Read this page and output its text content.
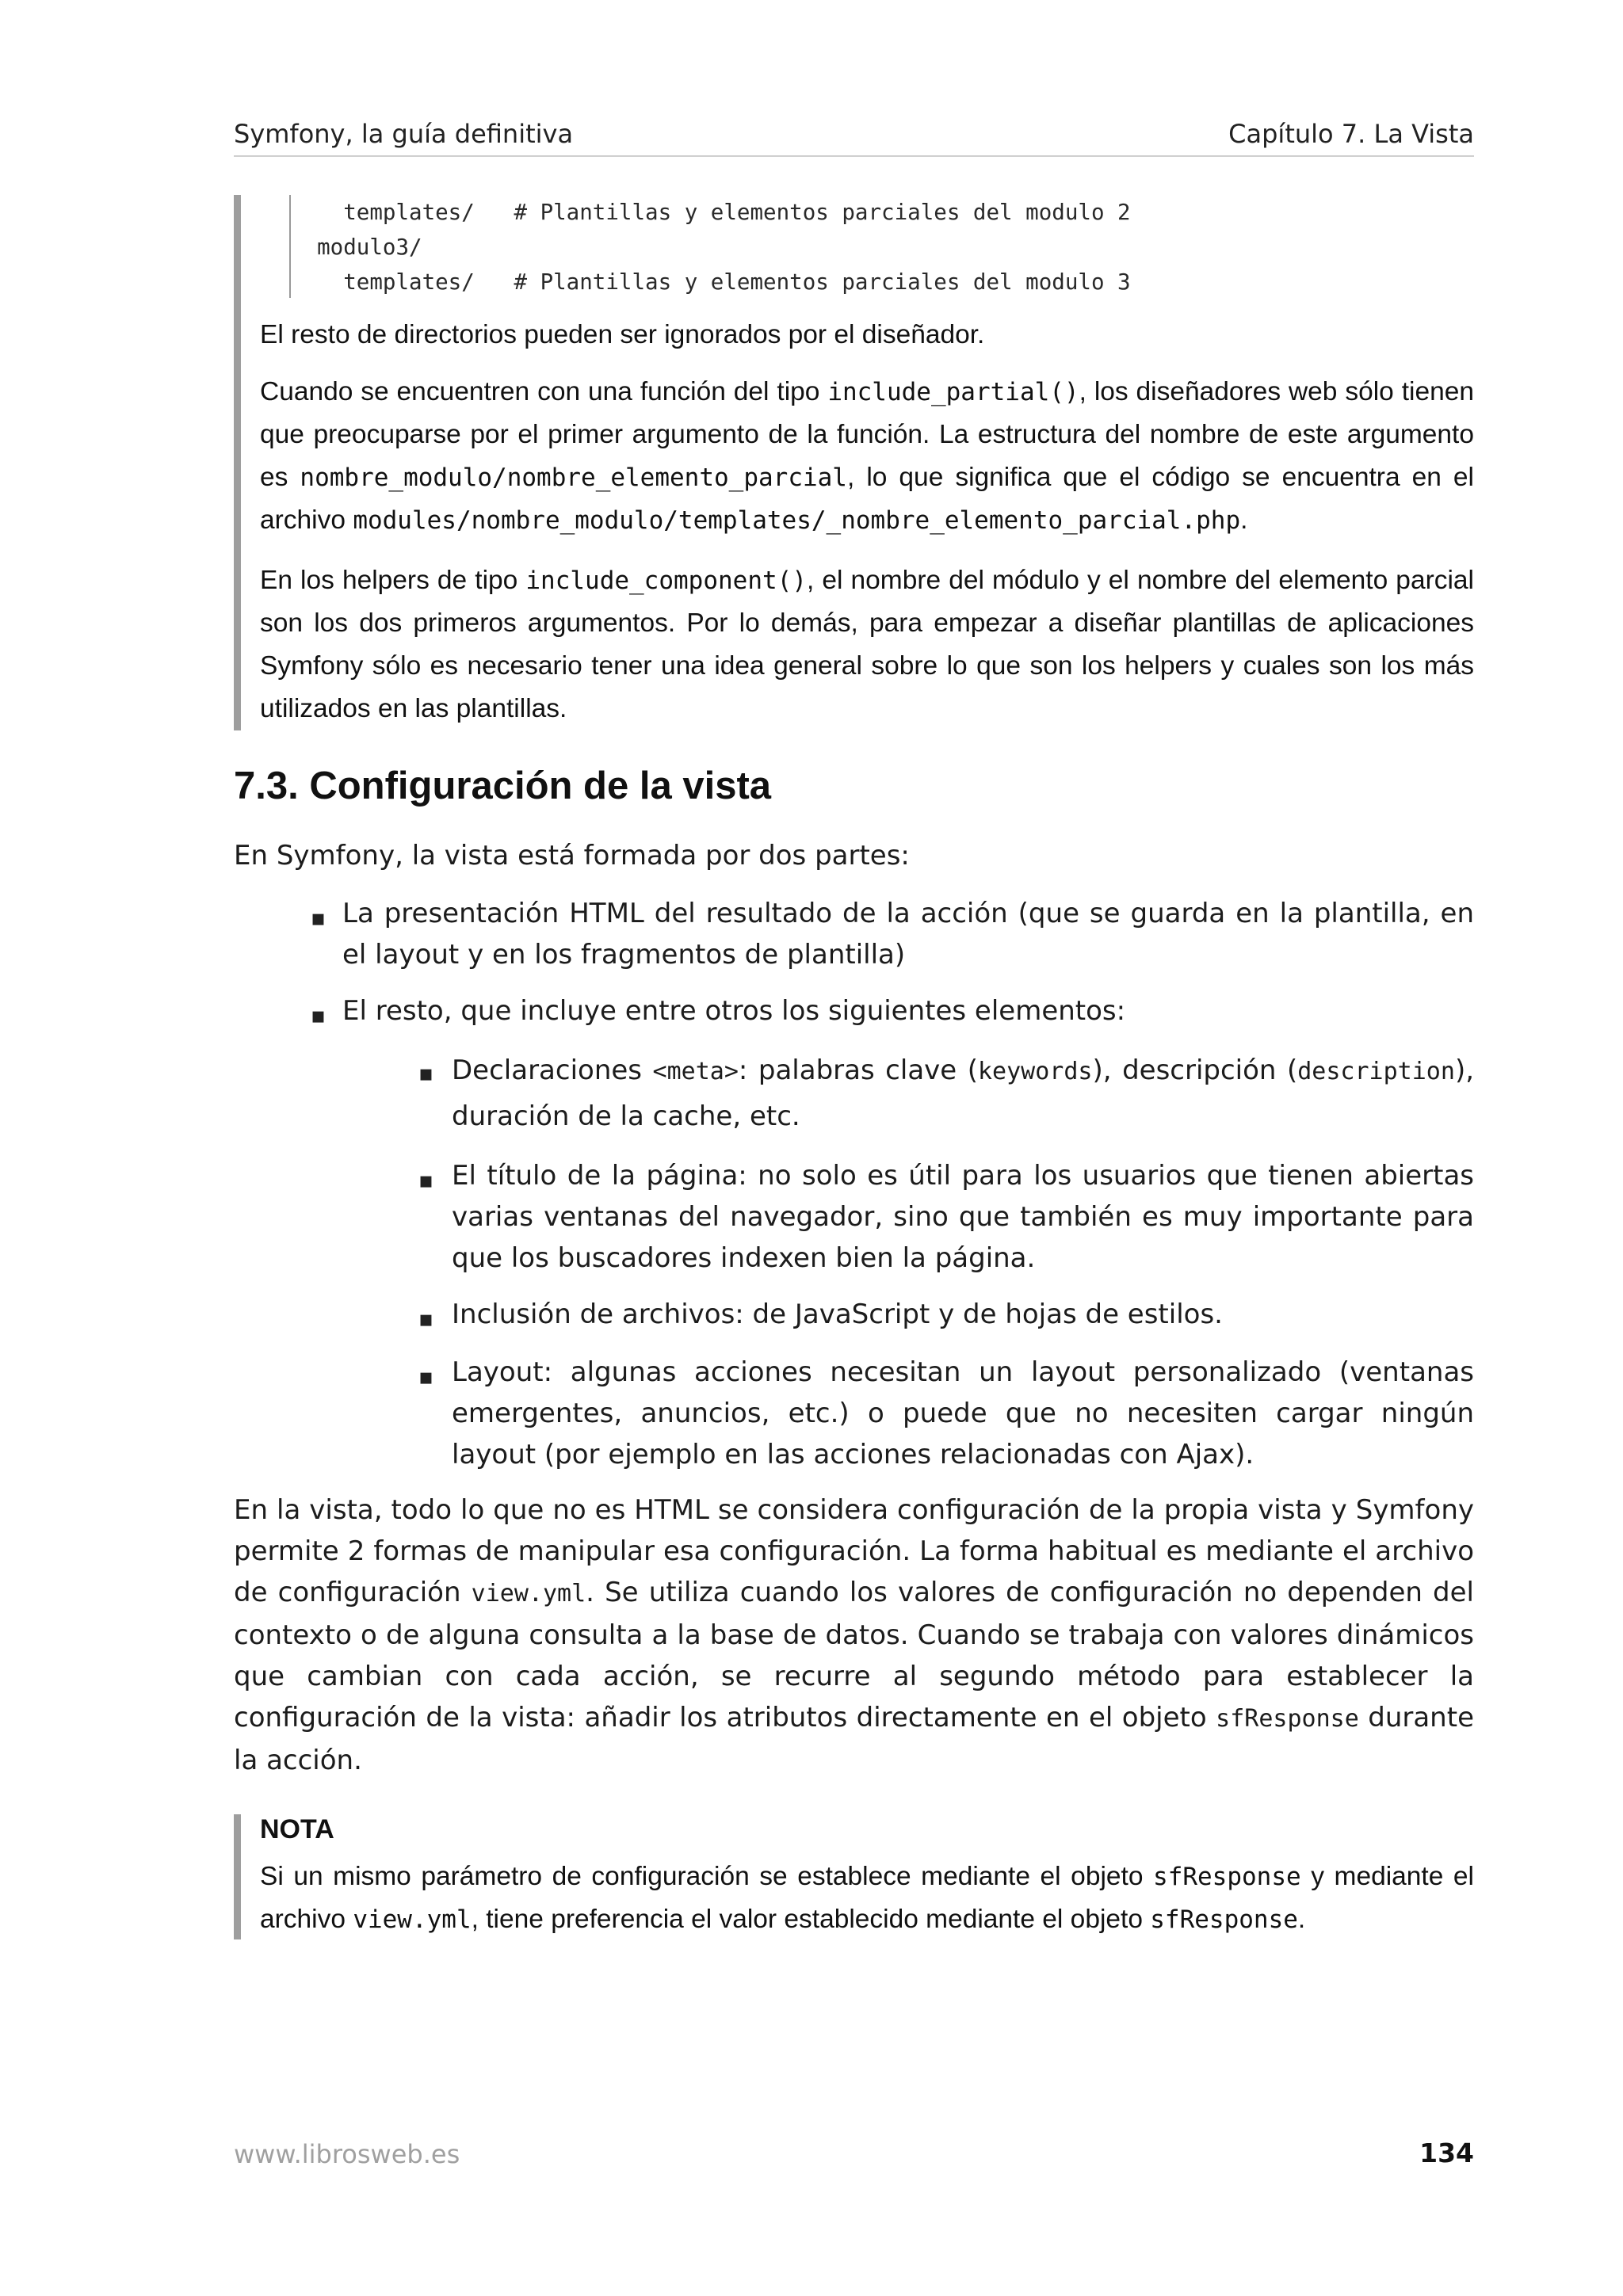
Symfony, la guía definitiva	Capítulo 7. La Vista
templates/   # Plantillas y elementos parciales del modulo 2
modulo3/
templates/   # Plantillas y elementos parciales del modulo 3

El resto de directorios pueden ser ignorados por el diseñador.

Cuando se encuentren con una función del tipo include_partial(), los diseñadores web sólo tienen que preocuparse por el primer argumento de la función. La estructura del nombre de este argumento es nombre_modulo/nombre_elemento_parcial, lo que significa que el código se encuentra en el archivo modules/nombre_modulo/templates/_nombre_elemento_parcial.php.

En los helpers de tipo include_component(), el nombre del módulo y el nombre del elemento parcial son los dos primeros argumentos. Por lo demás, para empezar a diseñar plantillas de aplicaciones Symfony sólo es necesario tener una idea general sobre lo que son los helpers y cuales son los más utilizados en las plantillas.

7.3. Configuración de la vista

En Symfony, la vista está formada por dos partes:

▪ La presentación HTML del resultado de la acción (que se guarda en la plantilla, en el layout y en los fragmentos de plantilla)

▪ El resto, que incluye entre otros los siguientes elementos:

▪ Declaraciones <meta>: palabras clave (keywords), descripción (description), duración de la cache, etc.

▪ El título de la página: no solo es útil para los usuarios que tienen abiertas varias ventanas del navegador, sino que también es muy importante para que los buscadores indexen bien la página.

▪ Inclusión de archivos: de JavaScript y de hojas de estilos.

▪ Layout: algunas acciones necesitan un layout personalizado (ventanas emergentes, anuncios, etc.) o puede que no necesiten cargar ningún layout (por ejemplo en las acciones relacionadas con Ajax).

En la vista, todo lo que no es HTML se considera configuración de la propia vista y Symfony permite 2 formas de manipular esa configuración. La forma habitual es mediante el archivo de configuración view.yml. Se utiliza cuando los valores de configuración no dependen del contexto o de alguna consulta a la base de datos. Cuando se trabaja con valores dinámicos que cambian con cada acción, se recurre al segundo método para establecer la configuración de la vista: añadir los atributos directamente en el objeto sfResponse durante la acción.

NOTA

Si un mismo parámetro de configuración se establece mediante el objeto sfResponse y mediante el archivo view.yml, tiene preferencia el valor establecido mediante el objeto sfResponse.

www.librosweb.es	134
